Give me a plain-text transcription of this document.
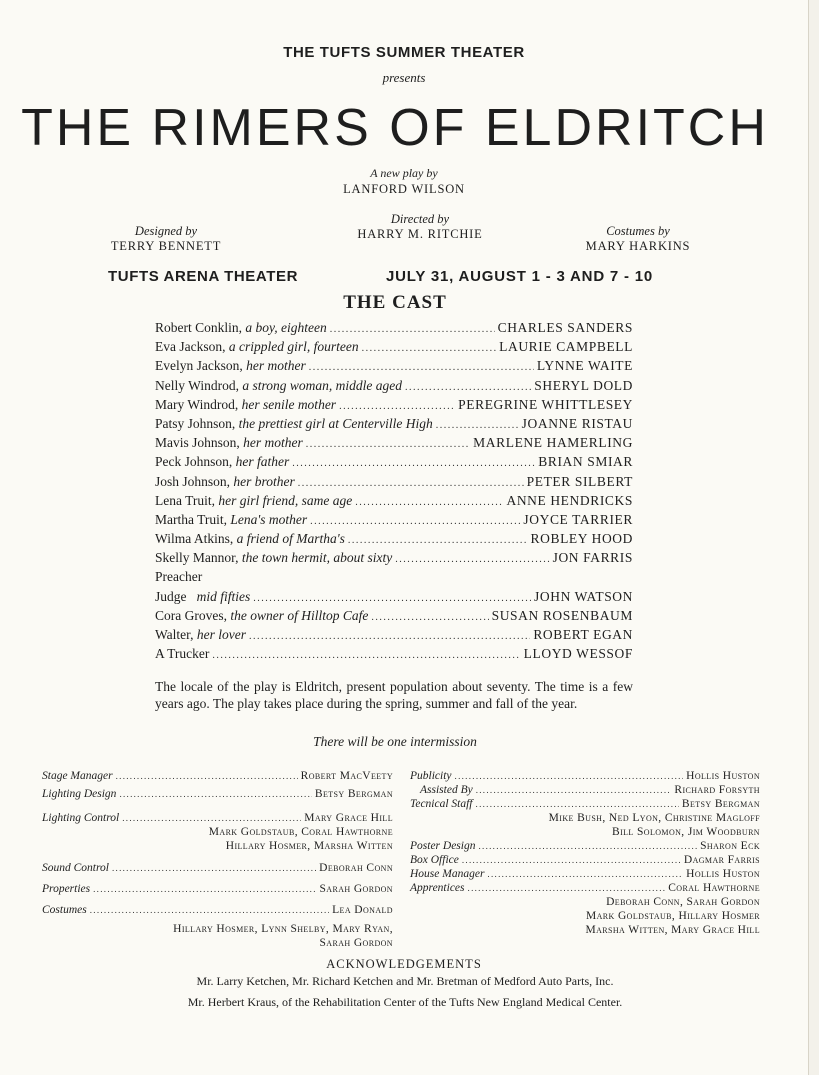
THE TUFTS SUMMER THEATER
presents
THE RIMERS OF ELDRITCH
A new play by
LANFORD WILSON
Designed by
TERRY BENNETT
Directed by
HARRY M. RITCHIE	Costumes by
MARY HARKINS
TUFTS ARENA THEATER	JULY 31, AUGUST 1 - 3 AND 7 - 10
THE CAST
Robert Conklin, a boy, eighteen .....	CHARLES SANDERS
Eva Jackson, a crippled girl, fourteen .....	LAURIE CAMPBELL
Evelyn Jackson, her mother .....	LYNNE WAITE
Nelly Windrod, a strong woman, middle aged .....	SHERYL DOLD
Mary Windrod, her senile mother .....	PEREGRINE WHITTLESEY
Patsy Johnson, the prettiest girl at Centerville High .....	JOANNE RISTAU
Mavis Johnson, her mother .....	MARLENE HAMERLING
Peck Johnson, her father .....	BRIAN SMIAR
Josh Johnson, her brother .....	PETER SILBERT
Lena Truit, her girl friend, same age .....	ANNE HENDRICKS
Martha Truit, Lena's mother .....	JOYCE TARRIER
Wilma Atkins, a friend of Martha's .....	ROBLEY HOOD
Skelly Mannor, the town hermit, about sixty .....	JON FARRIS
Preacher
Judge mid fifties .....	JOHN WATSON
Cora Groves, the owner of Hilltop Cafe .....	SUSAN ROSENBAUM
Walter, her lover .....	ROBERT EGAN
A Trucker .....	LLOYD WESSOF
The locale of the play is Eldritch, present population about seventy. The time is a few years ago. The play takes place during the spring, summer and fall of the year.
There will be one intermission
Stage Manager .....	Robert MacVeety
Lighting Design .....	Betsy Bergman
Lighting Control .....	Mary Grace Hill
Mark Goldstaub, Coral Hawthorne
Hillary Hosmer, Marsha Witten
Sound Control .....	Deborah Conn
Properties .....	Sarah Gordon
Costumes .....	Lea Donald
Hillary Hosmer, Lynn Shelby, Mary Ryan,
Sarah Gordon
Publicity .....	Hollis Huston
Assisted By .....	Richard Forsyth
Tecnical Staff .....	Betsy Bergman
Mike Bush, Ned Lyon, Christine Magloff
Bill Solomon, Jim Woodburn
Poster Design .....	Sharon Eck
Box Office .....	Dagmar Farris
House Manager .....	Hollis Huston
Apprentices .....	Coral Hawthorne
Deborah Conn, Sarah Gordon
Mark Goldstaub, Hillary Hosmer
Marsha Witten, Mary Grace Hill
ACKNOWLEDGEMENTS
Mr. Larry Ketchen, Mr. Richard Ketchen and Mr. Bretman of Medford Auto Parts, Inc.
Mr. Herbert Kraus, of the Rehabilitation Center of the Tufts New England Medical Center.
